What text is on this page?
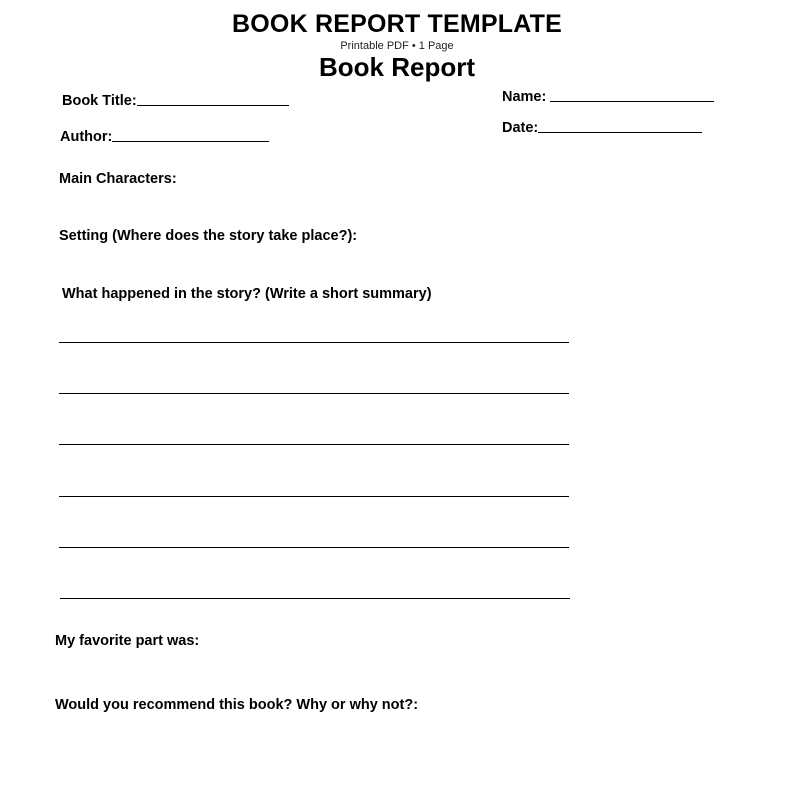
BOOK REPORT TEMPLATE
Printable PDF • 1 Page
Book Report
Book Title:
Author:
Name:
Date:
Main Characters:
Setting (Where does the story take place?):
What happened in the story? (Write a short summary)
My favorite part was:
Would you recommend this book? Why or why not?:
